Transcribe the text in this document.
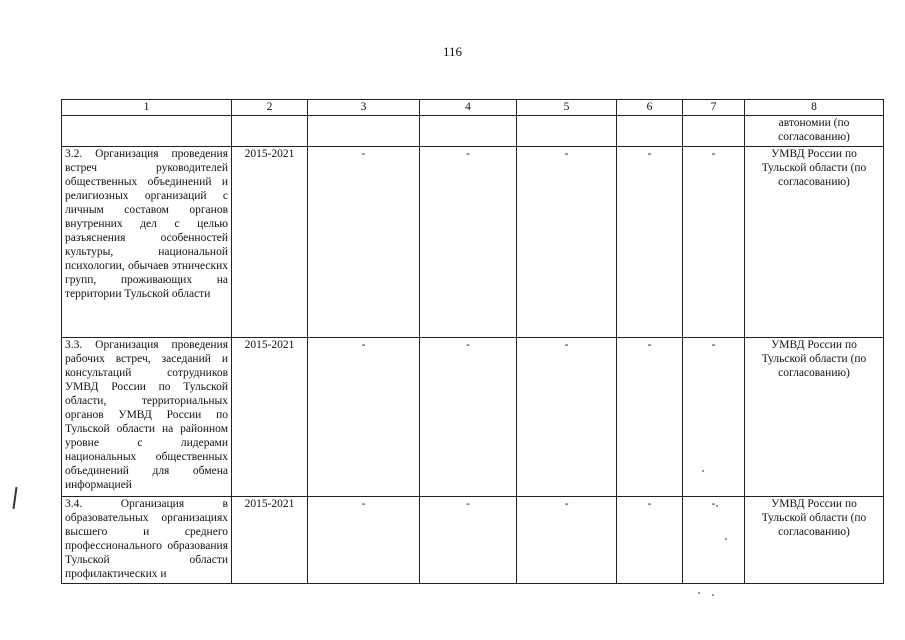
116
1	2	3	4	5	6	7	8
							автономии (по согласованию)
3.2. Организация проведения встреч руководителей общественных объединений и религиозных организаций с личным составом органов внутренних дел с целью разъяснения особенностей культуры, национальной психологии, обычаев этнических групп, проживающих на территории Тульской области	2015-2021	-	-	-	-	-	УМВД России по Тульской области (по согласованию)
3.3. Организация проведения рабочих встреч, заседаний и консультаций сотрудников УМВД России по Тульской области, территориальных органов УМВД России по Тульской области на районном уровне с лидерами национальных общественных объединений для обмена информацией	2015-2021	-	-	-	-	-	УМВД России по Тульской области (по согласованию)
3.4. Организация в образовательных организациях высшего и среднего профессионального образования Тульской области профилактических и	2015-2021	-	-	-	-	-	УМВД России по Тульской области (по согласованию)
